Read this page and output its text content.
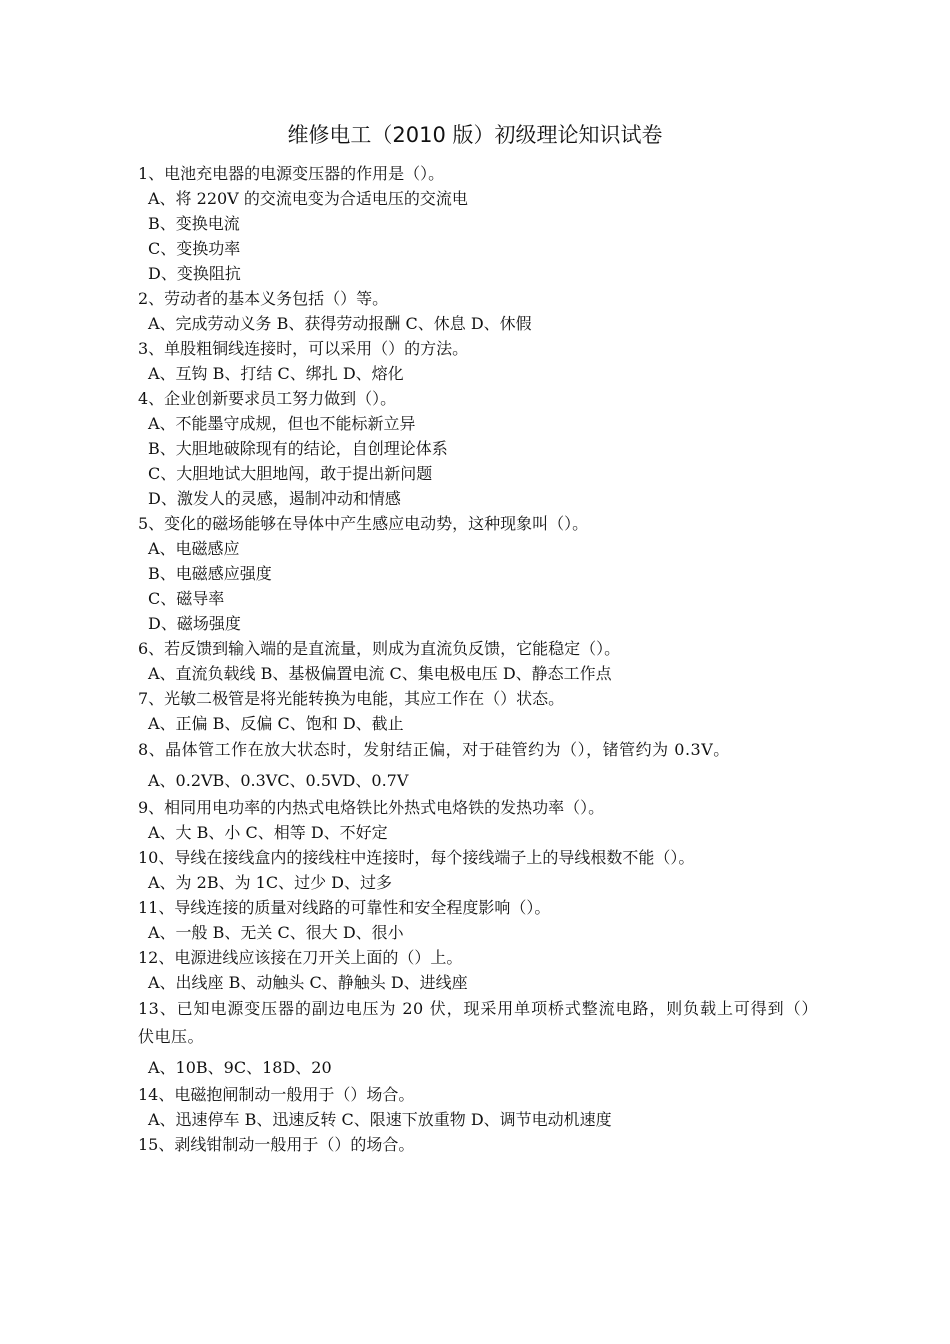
维修电工（2010 版）初级理论知识试卷
1、电池充电器的电源变压器的作用是（）。
A、将 220V 的交流电变为合适电压的交流电
B、变换电流
C、变换功率
D、变换阻抗
2、劳动者的基本义务包括（）等。
A、完成劳动义务 B、获得劳动报酬 C、休息 D、休假
3、单股粗铜线连接时，可以采用（）的方法。
A、互钩 B、打结 C、绑扎 D、熔化
4、企业创新要求员工努力做到（）。
A、不能墨守成规，但也不能标新立异
B、大胆地破除现有的结论，自创理论体系
C、大胆地试大胆地闯，敢于提出新问题
D、激发人的灵感，遏制冲动和情感
5、变化的磁场能够在导体中产生感应电动势，这种现象叫（）。
A、电磁感应
B、电磁感应强度
C、磁导率
D、磁场强度
6、若反馈到输入端的是直流量，则成为直流负反馈，它能稳定（）。
A、直流负载线 B、基极偏置电流 C、集电极电压 D、静态工作点
7、光敏二极管是将光能转换为电能，其应工作在（）状态。
A、正偏 B、反偏 C、饱和 D、截止
8、晶体管工作在放大状态时，发射结正偏，对于硅管约为（），锗管约为 0.3V。
A、0.2VB、0.3VC、0.5VD、0.7V
9、相同用电功率的内热式电烙铁比外热式电烙铁的发热功率（）。
A、大 B、小 C、相等 D、不好定
10、导线在接线盒内的接线柱中连接时，每个接线端子上的导线根数不能（）。
A、为 2B、为 1C、过少 D、过多
11、导线连接的质量对线路的可靠性和安全程度影响（）。
A、一般 B、无关 C、很大 D、很小
12、电源进线应该接在刀开关上面的（）上。
A、出线座 B、动触头 C、静触头 D、进线座
13、已知电源变压器的副边电压为 20 伏，现采用单项桥式整流电路，则负载上可得到（）伏电压。
A、10B、9C、18D、20
14、电磁抱闸制动一般用于（）场合。
A、迅速停车 B、迅速反转 C、限速下放重物 D、调节电动机速度
15、剥线钳制动一般用于（）的场合。
